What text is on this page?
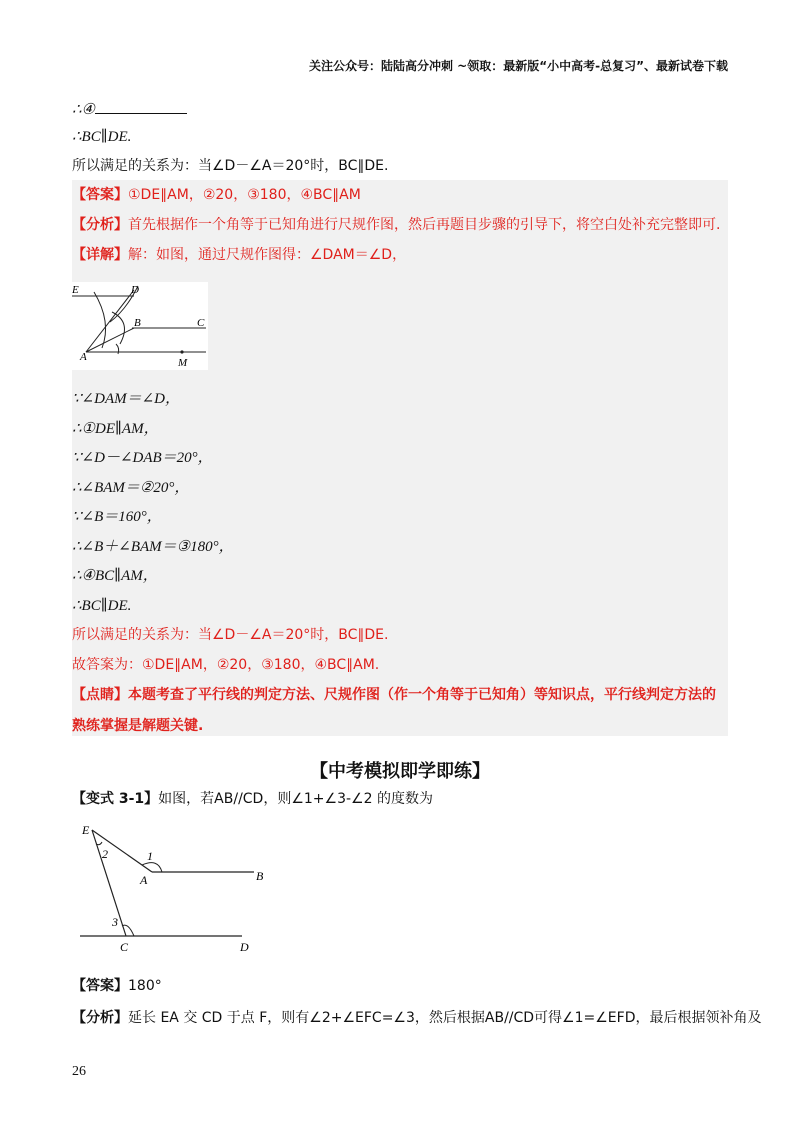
关注公众号：陆陆高分冲刺 ~领取：最新版“小中高考-总复习”、最新试卷下载
∴④
∴BC∥DE.
所以满足的关系为：当∠D－∠A＝20°时，BC∥DE.
【答案】①DE∥AM，②20，③180，④BC∥AM
【分析】首先根据作一个角等于已知角进行尺规作图，然后再题目步骤的引导下，将空白处补充完整即可.
【详解】解：如图，通过尺规作图得：∠DAM＝∠D，
E	D
B	C
A	M
∵∠DAM＝∠D，
∴①DE∥AM，
∵∠D－∠DAB＝20°，
∴∠BAM＝②20°，
∵∠B＝160°，
∴∠B＋∠BAM＝③180°，
∴④BC∥AM，
∴BC∥DE.
所以满足的关系为：当∠D－∠A＝20°时，BC∥DE.
故答案为：①DE∥AM，②20，③180，④BC∥AM.
【点睛】本题考查了平行线的判定方法、尺规作图（作一个角等于已知角）等知识点，平行线判定方法的
熟练掌握是解题关键.
【中考模拟即学即练】
【变式 3-1】如图，若AB//CD，则∠1+∠3-∠2 的度数为
E
A	B
C	D
1
2
3
【答案】180°
【分析】延长 EA 交 CD 于点 F，则有∠2+∠EFC=∠3，然后根据AB//CD可得∠1=∠EFD，最后根据领补角及
26
